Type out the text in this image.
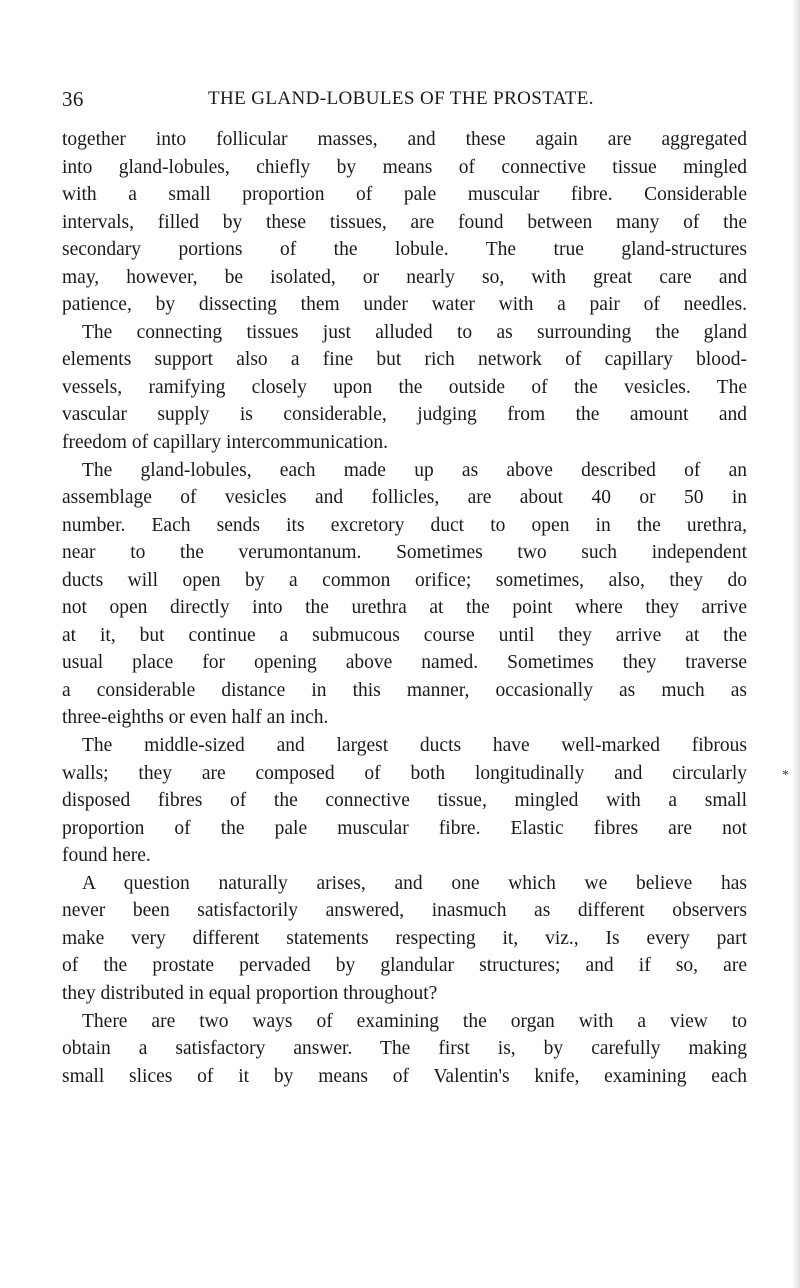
36	THE GLAND-LOBULES OF THE PROSTATE.
together into follicular masses, and these again are aggregated
into gland-lobules, chiefly by means of connective tissue mingled
with a small proportion of pale muscular fibre. Considerable
intervals, filled by these tissues, are found between many of the
secondary portions of the lobule. The true gland-structures
may, however, be isolated, or nearly so, with great care and
patience, by dissecting them under water with a pair of needles.
The connecting tissues just alluded to as surrounding the gland
elements support also a fine but rich network of capillary blood-
vessels, ramifying closely upon the outside of the vesicles. The
vascular supply is considerable, judging from the amount and
freedom of capillary intercommunication.
The gland-lobules, each made up as above described of an
assemblage of vesicles and follicles, are about 40 or 50 in
number. Each sends its excretory duct to open in the urethra,
near to the verumontanum. Sometimes two such independent
ducts will open by a common orifice; sometimes, also, they do
not open directly into the urethra at the point where they arrive
at it, but continue a submucous course until they arrive at the
usual place for opening above named. Sometimes they traverse
a considerable distance in this manner, occasionally as much as
three-eighths or even half an inch.
The middle-sized and largest ducts have well-marked fibrous
walls; they are composed of both longitudinally and circularly
disposed fibres of the connective tissue, mingled with a small
proportion of the pale muscular fibre. Elastic fibres are not
found here.
A question naturally arises, and one which we believe has
never been satisfactorily answered, inasmuch as different observers
make very different statements respecting it, viz., Is every part
of the prostate pervaded by glandular structures; and if so, are
they distributed in equal proportion throughout?
There are two ways of examining the organ with a view to
obtain a satisfactory answer. The first is, by carefully making
small slices of it by means of Valentin's knife, examining each
*
